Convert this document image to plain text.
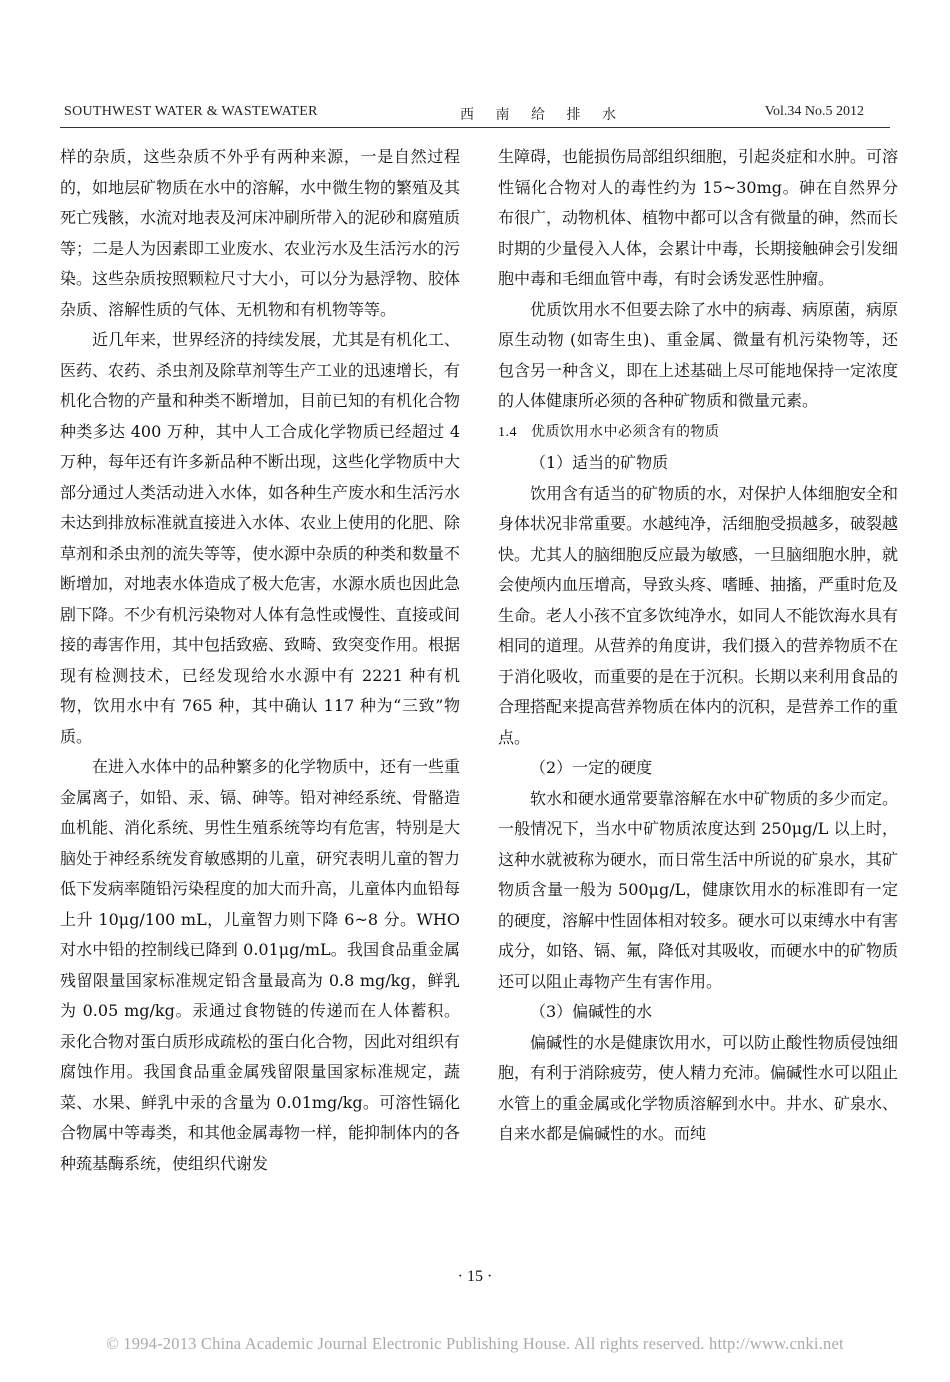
SOUTHWEST WATER & WASTEWATER	西 南 给 排 水	Vol.34 No.5 2012

样的杂质，这些杂质不外乎有两种来源，一是自然过程的，如地层矿物质在水中的溶解，水中微生物的繁殖及其死亡残骸，水流对地表及河床冲刷所带入的泥砂和腐殖质等；二是人为因素即工业废水、农业污水及生活污水的污染。这些杂质按照颗粒尺寸大小，可以分为悬浮物、胶体杂质、溶解性质的气体、无机物和有机物等等。

近几年来，世界经济的持续发展，尤其是有机化工、医药、农药、杀虫剂及除草剂等生产工业的迅速增长，有机化合物的产量和种类不断增加，目前已知的有机化合物种类多达 400 万种，其中人工合成化学物质已经超过 4 万种，每年还有许多新品种不断出现，这些化学物质中大部分通过人类活动进入水体，如各种生产废水和生活污水未达到排放标准就直接进入水体、农业上使用的化肥、除草剂和杀虫剂的流失等等，使水源中杂质的种类和数量不断增加，对地表水体造成了极大危害，水源水质也因此急剧下降。不少有机污染物对人体有急性或慢性、直接或间接的毒害作用，其中包括致癌、致畸、致突变作用。根据现有检测技术，已经发现给水水源中有 2221 种有机物，饮用水中有 765 种，其中确认 117 种为“三致”物质。

在进入水体中的品种繁多的化学物质中，还有一些重金属离子，如铅、汞、镉、砷等。铅对神经系统、骨骼造血机能、消化系统、男性生殖系统等均有危害，特别是大脑处于神经系统发育敏感期的儿童，研究表明儿童的智力低下发病率随铅污染程度的加大而升高，儿童体内血铅每上升 10μg/100 mL，儿童智力则下降 6~8 分。WHO 对水中铅的控制线已降到 0.01μg/mL。我国食品重金属残留限量国家标准规定铅含量最高为 0.8 mg/kg，鲜乳为 0.05 mg/kg。汞通过食物链的传递而在人体蓄积。汞化合物对蛋白质形成疏松的蛋白化合物，因此对组织有腐蚀作用。我国食品重金属残留限量国家标准规定，蔬菜、水果、鲜乳中汞的含量为 0.01mg/kg。可溶性镉化合物属中等毒类，和其他金属毒物一样，能抑制体内的各种巯基酶系统，使组织代谢发

生障碍，也能损伤局部组织细胞，引起炎症和水肿。可溶性镉化合物对人的毒性约为 15~30mg。砷在自然界分布很广，动物机体、植物中都可以含有微量的砷，然而长时期的少量侵入人体，会累计中毒，长期接触砷会引发细胞中毒和毛细血管中毒，有时会诱发恶性肿瘤。

优质饮用水不但要去除了水中的病毒、病原菌，病原原生动物 (如寄生虫)、重金属、微量有机污染物等，还包含另一种含义，即在上述基础上尽可能地保持一定浓度的人体健康所必须的各种矿物质和微量元素。

1.4 优质饮用水中必须含有的物质

（1）适当的矿物质

饮用含有适当的矿物质的水，对保护人体细胞安全和身体状况非常重要。水越纯净，活细胞受损越多，破裂越快。尤其人的脑细胞反应最为敏感，一旦脑细胞水肿，就会使颅内血压增高，导致头疼、嗜睡、抽搐，严重时危及生命。老人小孩不宜多饮纯净水，如同人不能饮海水具有相同的道理。从营养的角度讲，我们摄入的营养物质不在于消化吸收，而重要的是在于沉积。长期以来利用食品的合理搭配来提高营养物质在体内的沉积，是营养工作的重点。

（2）一定的硬度

软水和硬水通常要靠溶解在水中矿物质的多少而定。一般情况下，当水中矿物质浓度达到 250μg/L 以上时，这种水就被称为硬水，而日常生活中所说的矿泉水，其矿物质含量一般为 500μg/L，健康饮用水的标准即有一定的硬度，溶解中性固体相对较多。硬水可以束缚水中有害成分，如铬、镉、氟，降低对其吸收，而硬水中的矿物质还可以阻止毒物产生有害作用。

（3）偏碱性的水

偏碱性的水是健康饮用水，可以防止酸性物质侵蚀细胞，有利于消除疲劳，使人精力充沛。偏碱性水可以阻止水管上的重金属或化学物质溶解到水中。井水、矿泉水、自来水都是偏碱性的水。而纯

· 15 ·
© 1994-2013 China Academic Journal Electronic Publishing House. All rights reserved. http://www.cnki.net
